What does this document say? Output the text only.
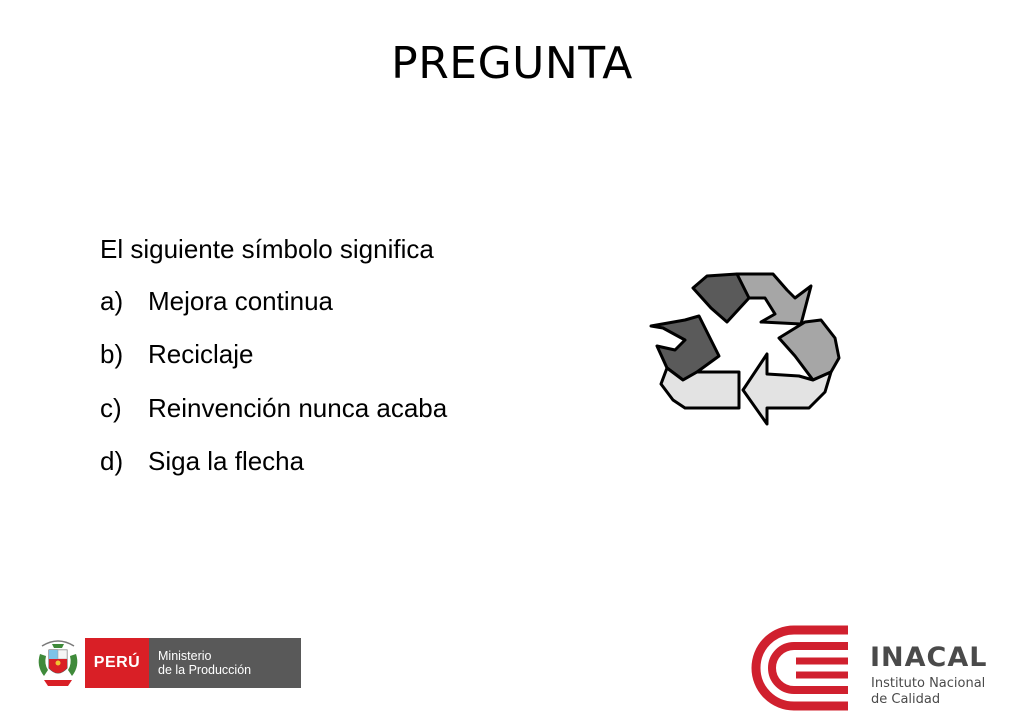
PREGUNTA
El siguiente símbolo significa
a) Mejora continua
b) Reciclaje
c)	Reinvención nunca acaba
d) Siga la flecha
PERÚ	Ministerio
de la Producción	INACAL
Instituto Nacional
de Calidad
